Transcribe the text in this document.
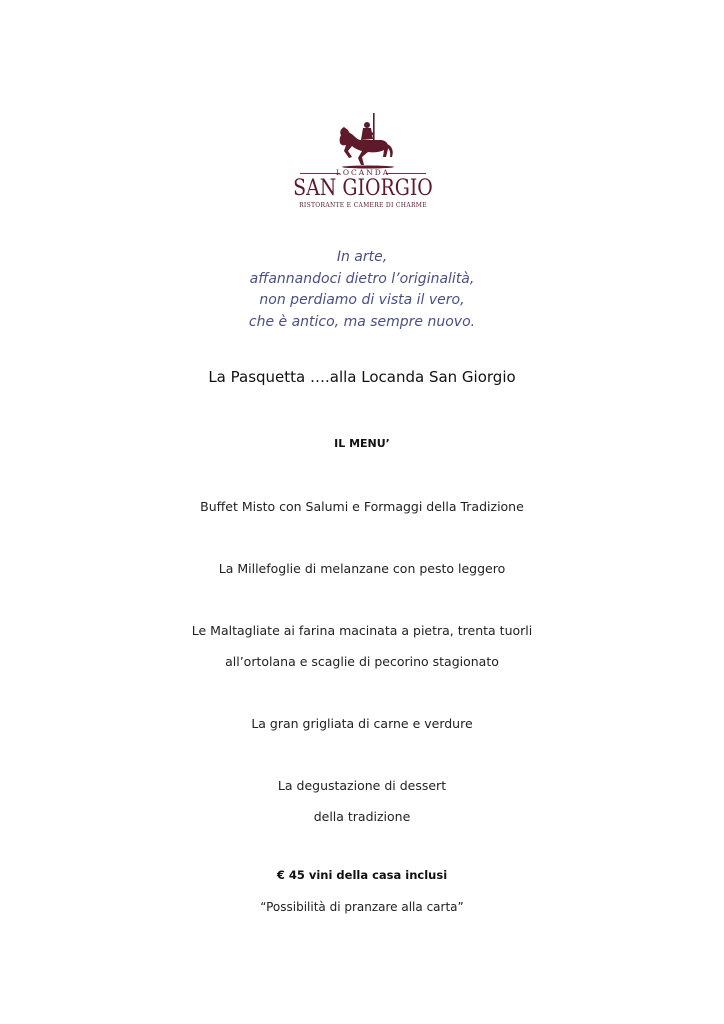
LOCANDA
SAN GIORGIO
RISTORANTE E CAMERE DI CHARME
In arte,
affannandoci dietro l’originalità,
non perdiamo di vista il vero,
che è antico, ma sempre nuovo.
La Pasquetta ….alla Locanda San Giorgio
IL MENU’
Buffet Misto con Salumi e Formaggi della Tradizione
La Millefoglie di melanzane con pesto leggero
Le Maltagliate ai farina macinata a pietra, trenta tuorli
all’ortolana e scaglie di pecorino stagionato
La gran grigliata di carne e verdure
La degustazione di dessert
della tradizione
€ 45 vini della casa inclusi
“Possibilità di pranzare alla carta”
